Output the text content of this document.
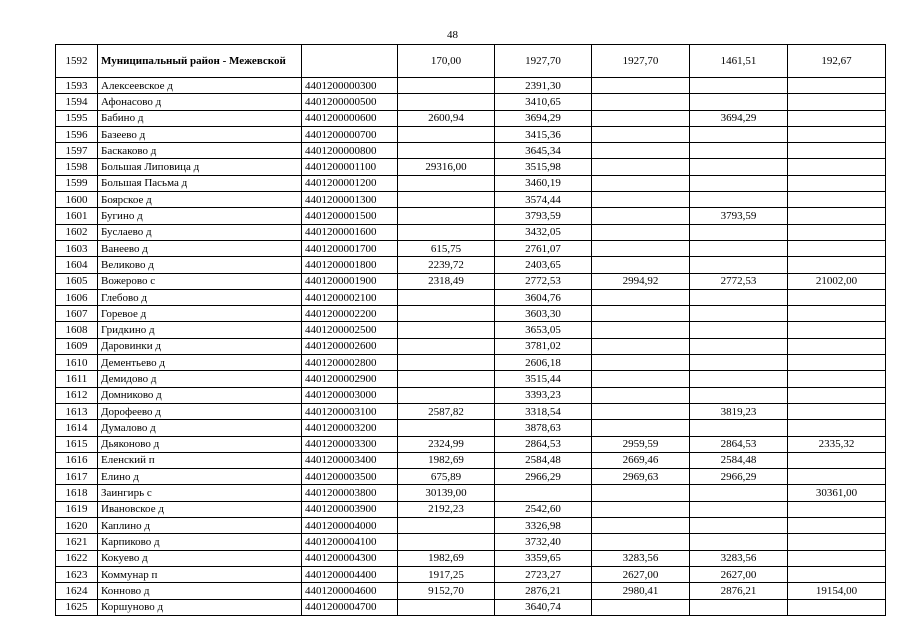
48
1592	Муниципальный район - Межевской		170,00	1927,70	1927,70	1461,51	192,67
1593	Алексеевское д	4401200000300		2391,30			
1594	Афонасово д	4401200000500		3410,65			
1595	Бабино д	4401200000600	2600,94	3694,29		3694,29	
1596	Базеево д	4401200000700		3415,36			
1597	Баскаково д	4401200000800		3645,34			
1598	Большая Липовица д	4401200001100	29316,00	3515,98			
1599	Большая Пасьма д	4401200001200		3460,19			
1600	Боярское д	4401200001300		3574,44			
1601	Бугино д	4401200001500		3793,59		3793,59	
1602	Буслаево д	4401200001600		3432,05			
1603	Ванеево д	4401200001700	615,75	2761,07			
1604	Великово д	4401200001800	2239,72	2403,65			
1605	Вожерово с	4401200001900	2318,49	2772,53	2994,92	2772,53	21002,00
1606	Глебово д	4401200002100		3604,76			
1607	Горевое д	4401200002200		3603,30			
1608	Гридкино д	4401200002500		3653,05			
1609	Даровинки д	4401200002600		3781,02			
1610	Дементьево д	4401200002800		2606,18			
1611	Демидово д	4401200002900		3515,44			
1612	Домниково д	4401200003000		3393,23			
1613	Дорофеево д	4401200003100	2587,82	3318,54		3819,23	
1614	Думалово д	4401200003200		3878,63			
1615	Дьяконово д	4401200003300	2324,99	2864,53	2959,59	2864,53	2335,32
1616	Еленский п	4401200003400	1982,69	2584,48	2669,46	2584,48	
1617	Елино д	4401200003500	675,89	2966,29	2969,63	2966,29	
1618	Заингирь с	4401200003800	30139,00				30361,00
1619	Ивановское д	4401200003900	2192,23	2542,60			
1620	Каплино д	4401200004000		3326,98			
1621	Карпиково д	4401200004100		3732,40			
1622	Кокуево д	4401200004300	1982,69	3359,65	3283,56	3283,56	
1623	Коммунар п	4401200004400	1917,25	2723,27	2627,00	2627,00	
1624	Конново д	4401200004600	9152,70	2876,21	2980,41	2876,21	19154,00
1625	Коршуново д	4401200004700		3640,74			
